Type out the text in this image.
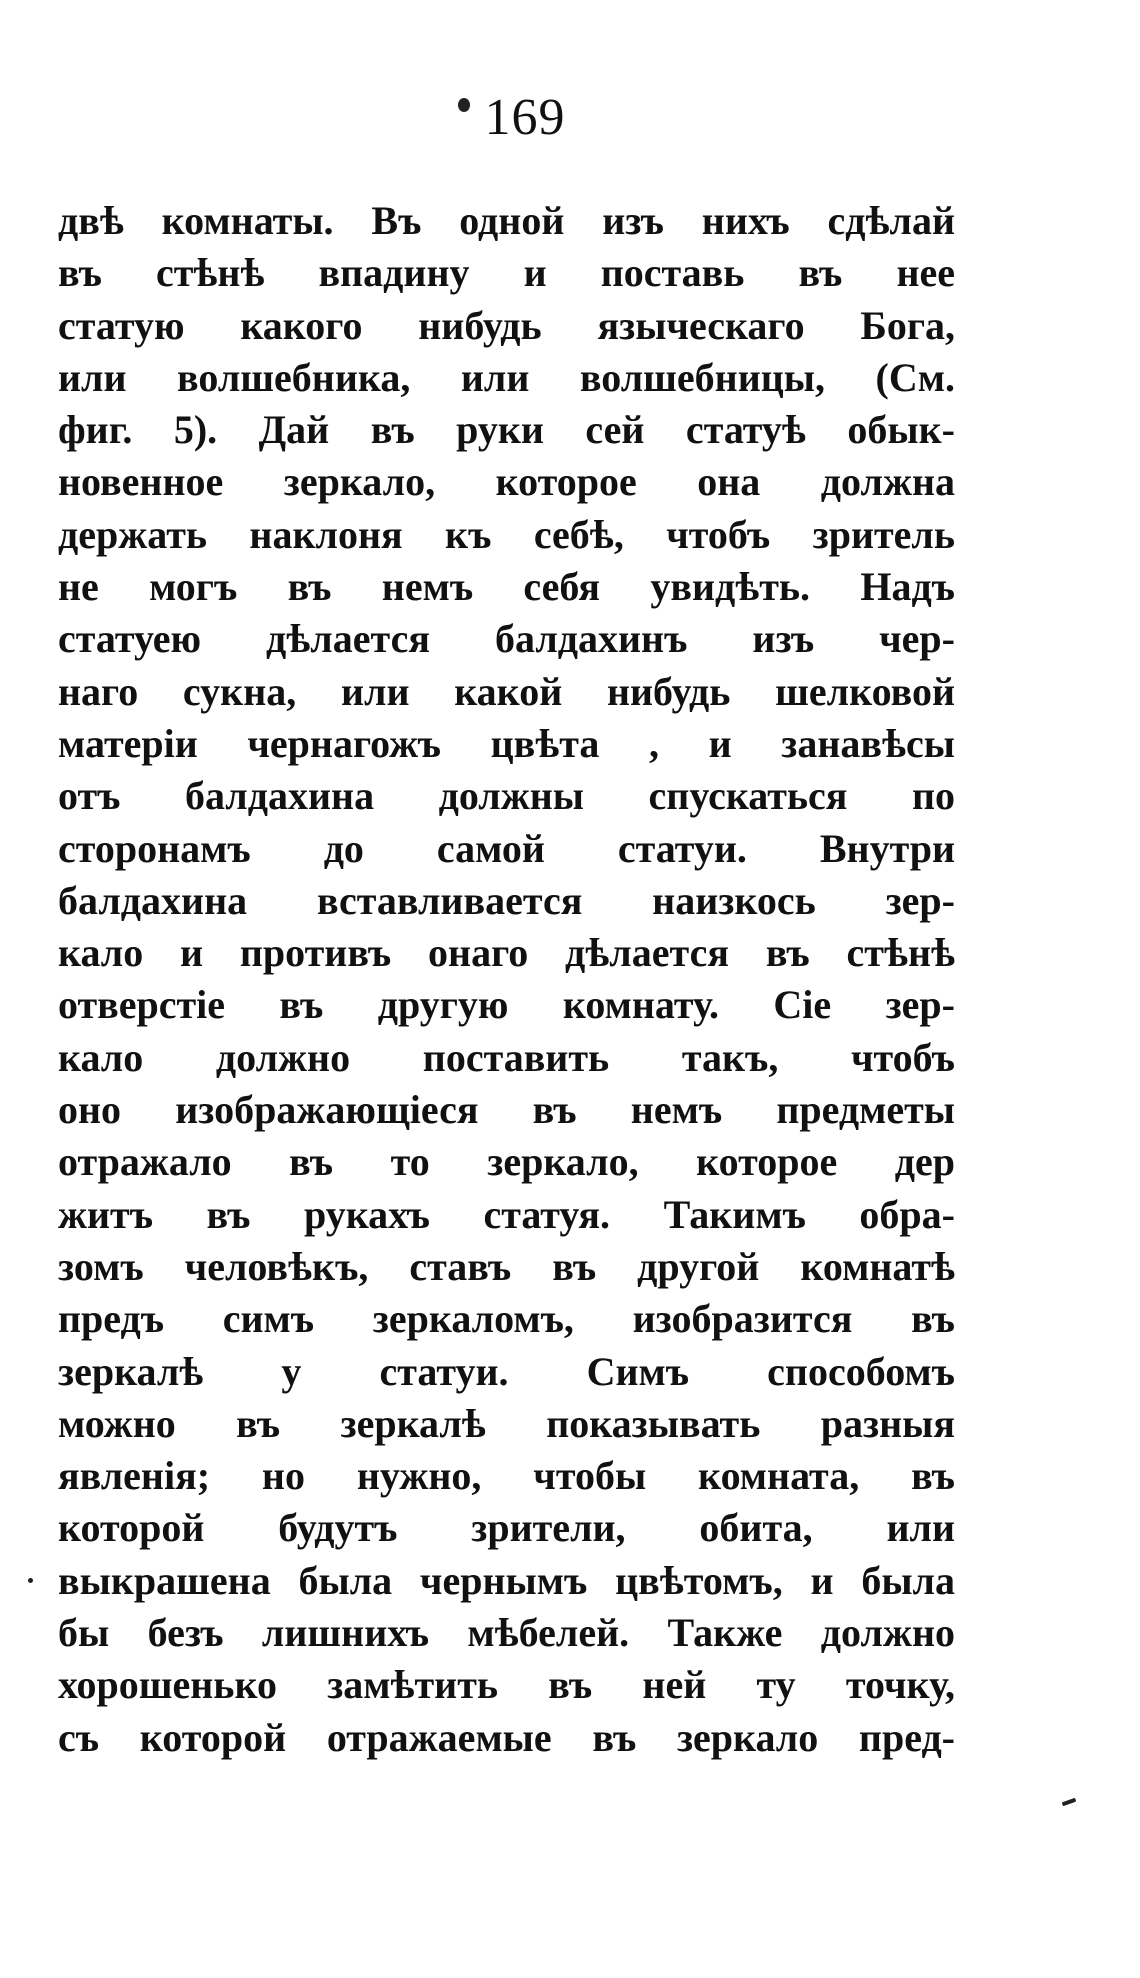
169
двѣ комнаты. Въ одной изъ нихъ сдѣлай
въ стѣнѣ впадину и поставь въ нее
статую какого нибудь языческаго Бога,
или волшебника, или волшебницы, (См.
фиг. 5). Дай въ руки сей статуѣ обык-
новенное зеркало, которое она должна
держать наклоня къ себѣ, чтобъ зритель
не могъ въ немъ себя увидѣть. Надъ
статуею дѣлается балдахинъ изъ чер-
наго сукна, или какой нибудь шелковой
матеріи чернагожъ цвѣта , и занавѣсы
отъ балдахина должны спускаться по
сторонамъ до самой статуи. Внутри
балдахина вставливается наизкось зер-
кало и противъ онаго дѣлается въ стѣнѣ
отверстіе въ другую комнату. Сіе зер-
кало должно поставить такъ, чтобъ
оно изображающіеся въ немъ предметы
отражало въ то зеркало, которое дер
житъ въ рукахъ статуя. Такимъ обра-
зомъ человѣкъ, ставъ въ другой комнатѣ
предъ симъ зеркаломъ, изобразится въ
зеркалѣ у статуи. Симъ способомъ
можно въ зеркалѣ показывать разныя
явленія; но нужно, чтобы комната, въ
которой будутъ зрители, обита, или
выкрашена была чернымъ цвѣтомъ, и была
бы безъ лишнихъ мѣбелей. Также должно
хорошенько замѣтить въ ней ту точку,
съ которой отражаемые въ зеркало пред-
